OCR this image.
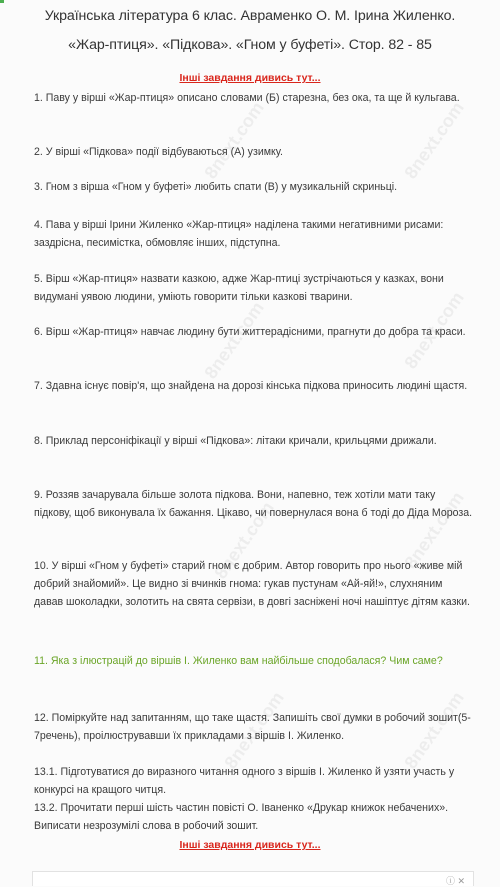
8next.com	8next.com
8next.com	8next.com
8next.com	8next.com
8next.com	8next.com
Українська література 6 клас. Авраменко О. М. Ірина Жиленко.
«Жар-птиця». «Підкова». «Гном у буфеті». Стор. 82 - 85
Інші завдання дивись тут...
1. Паву у вірші «Жар-птиця» описано словами (Б) старезна, без ока, та ще й кульгава.
2. У вірші «Підкова» події відбуваються (А) узимку.
3. Гном з вірша «Гном у буфеті» любить спати (В) у музикальній скриньці.
4. Пава у вірші Ірини Жиленко «Жар-птиця» наділена такими негативними рисами: заздрісна, песимістка, обмовляє інших, підступна.
5. Вірш «Жар-птиця» назвати казкою, адже Жар-птиці зустрічаються у казках, вони видумані уявою людини, уміють говорити тільки казкові тварини.
6. Вірш «Жар-птиця» навчає людину бути життерадісними, прагнути до добра та краси.
7. Здавна існує повір'я, що знайдена на дорозі кінська підкова приносить людині щастя.
8. Приклад персоніфікації у вірші «Підкова»: літаки кричали, крильцями дрижали.
9. Роззяв зачарувала більше золота підкова. Вони, напевно, теж хотіли мати таку підкову, щоб виконувала їх бажання. Цікаво, чи повернулася вона б тоді до Діда Мороза.
10. У вірші «Гном у буфеті» старий гном є добрим. Автор говорить про нього «живе мій добрий знайомий». Це видно зі вчинків гнома: гукав пустунам «Ай-яй!», слухняним давав шоколадки, золотить на свята сервізи, в довгі засніжені ночі нашіптує дітям казки.
11. Яка з ілюстрацій до віршів І. Жиленко вам найбільше сподобалася? Чим саме?
12. Поміркуйте над запитанням, що таке щастя. Запишіть свої думки в робочий зошит(5-7речень), проілюструвавши їх прикладами з віршів І. Жиленко.
13.1. Підготуватися до виразного читання одного з віршів І. Жиленко й узяти участь у конкурсі на кращого читця.
13.2. Прочитати перші шість частин повісті О. Іваненко «Друкар книжок небачених». Виписати незрозумілі слова в робочий зошит.
Інші завдання дивись тут...
ⓘ ✕
